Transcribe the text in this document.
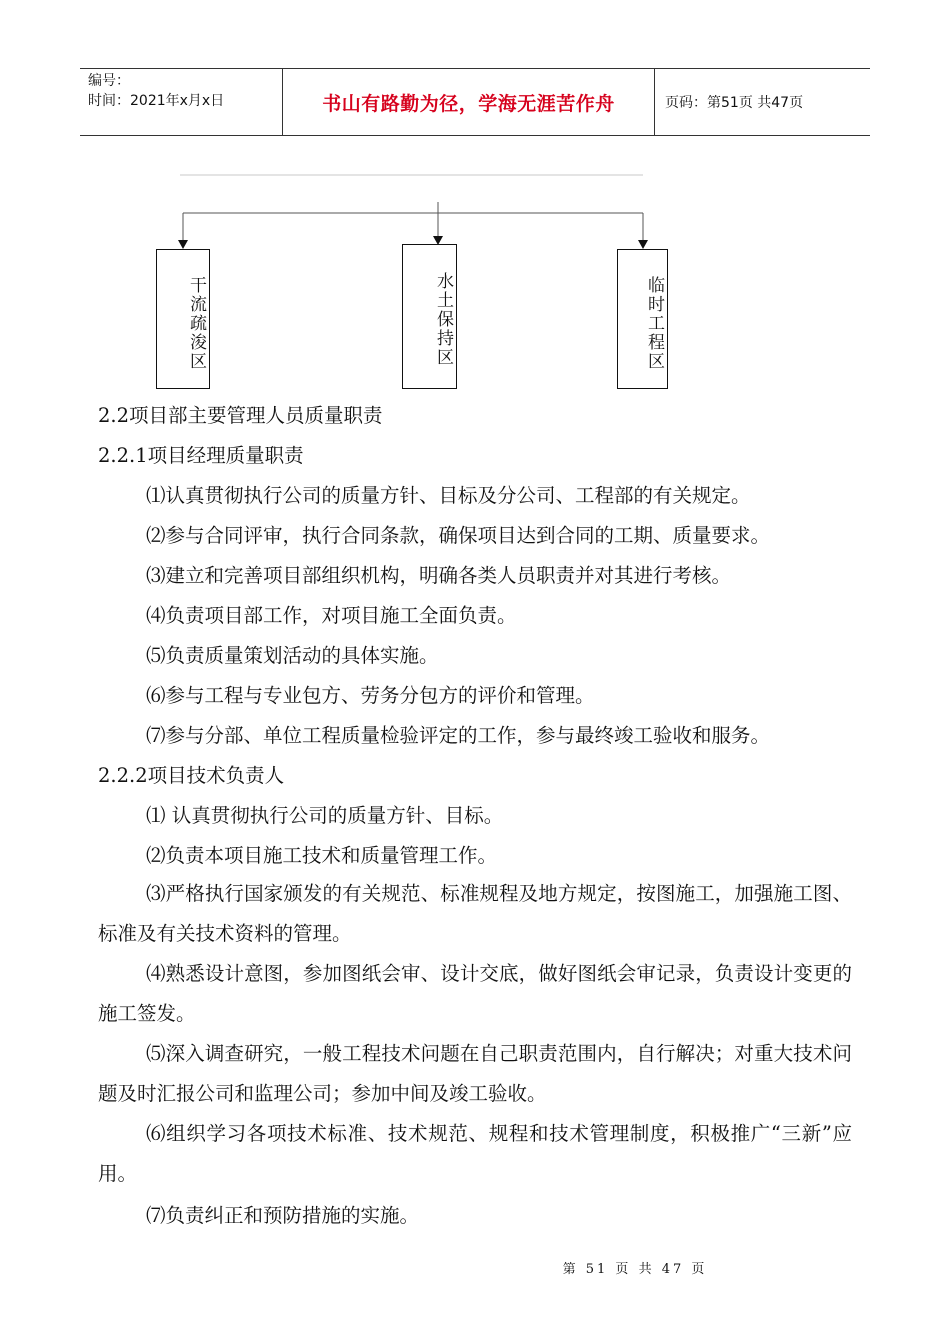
编号：
时间：2021年x月x日	书山有路勤为径，学海无涯苦作舟	页码：第51页 共47页
干流疏浚区	水土保持区	临时工程区
2.2项目部主要管理人员质量职责
2.2.1项目经理质量职责
⑴认真贯彻执行公司的质量方针、目标及分公司、工程部的有关规定。
⑵参与合同评审，执行合同条款，确保项目达到合同的工期、质量要求。
⑶建立和完善项目部组织机构，明确各类人员职责并对其进行考核。
⑷负责项目部工作，对项目施工全面负责。
⑸负责质量策划活动的具体实施。
⑹参与工程与专业包方、劳务分包方的评价和管理。
⑺参与分部、单位工程质量检验评定的工作，参与最终竣工验收和服务。
2.2.2项目技术负责人
⑴ 认真贯彻执行公司的质量方针、目标。
⑵负责本项目施工技术和质量管理工作。
⑶严格执行国家颁发的有关规范、标准规程及地方规定，按图施工，加强施工图、标准及有关技术资料的管理。
⑷熟悉设计意图，参加图纸会审、设计交底，做好图纸会审记录，负责设计变更的施工签发。
⑸深入调查研究，一般工程技术问题在自己职责范围内，自行解决；对重大技术问题及时汇报公司和监理公司；参加中间及竣工验收。
⑹组织学习各项技术标准、技术规范、规程和技术管理制度，积极推广“三新”应用。
⑺负责纠正和预防措施的实施。
第 51 页 共 47 页
